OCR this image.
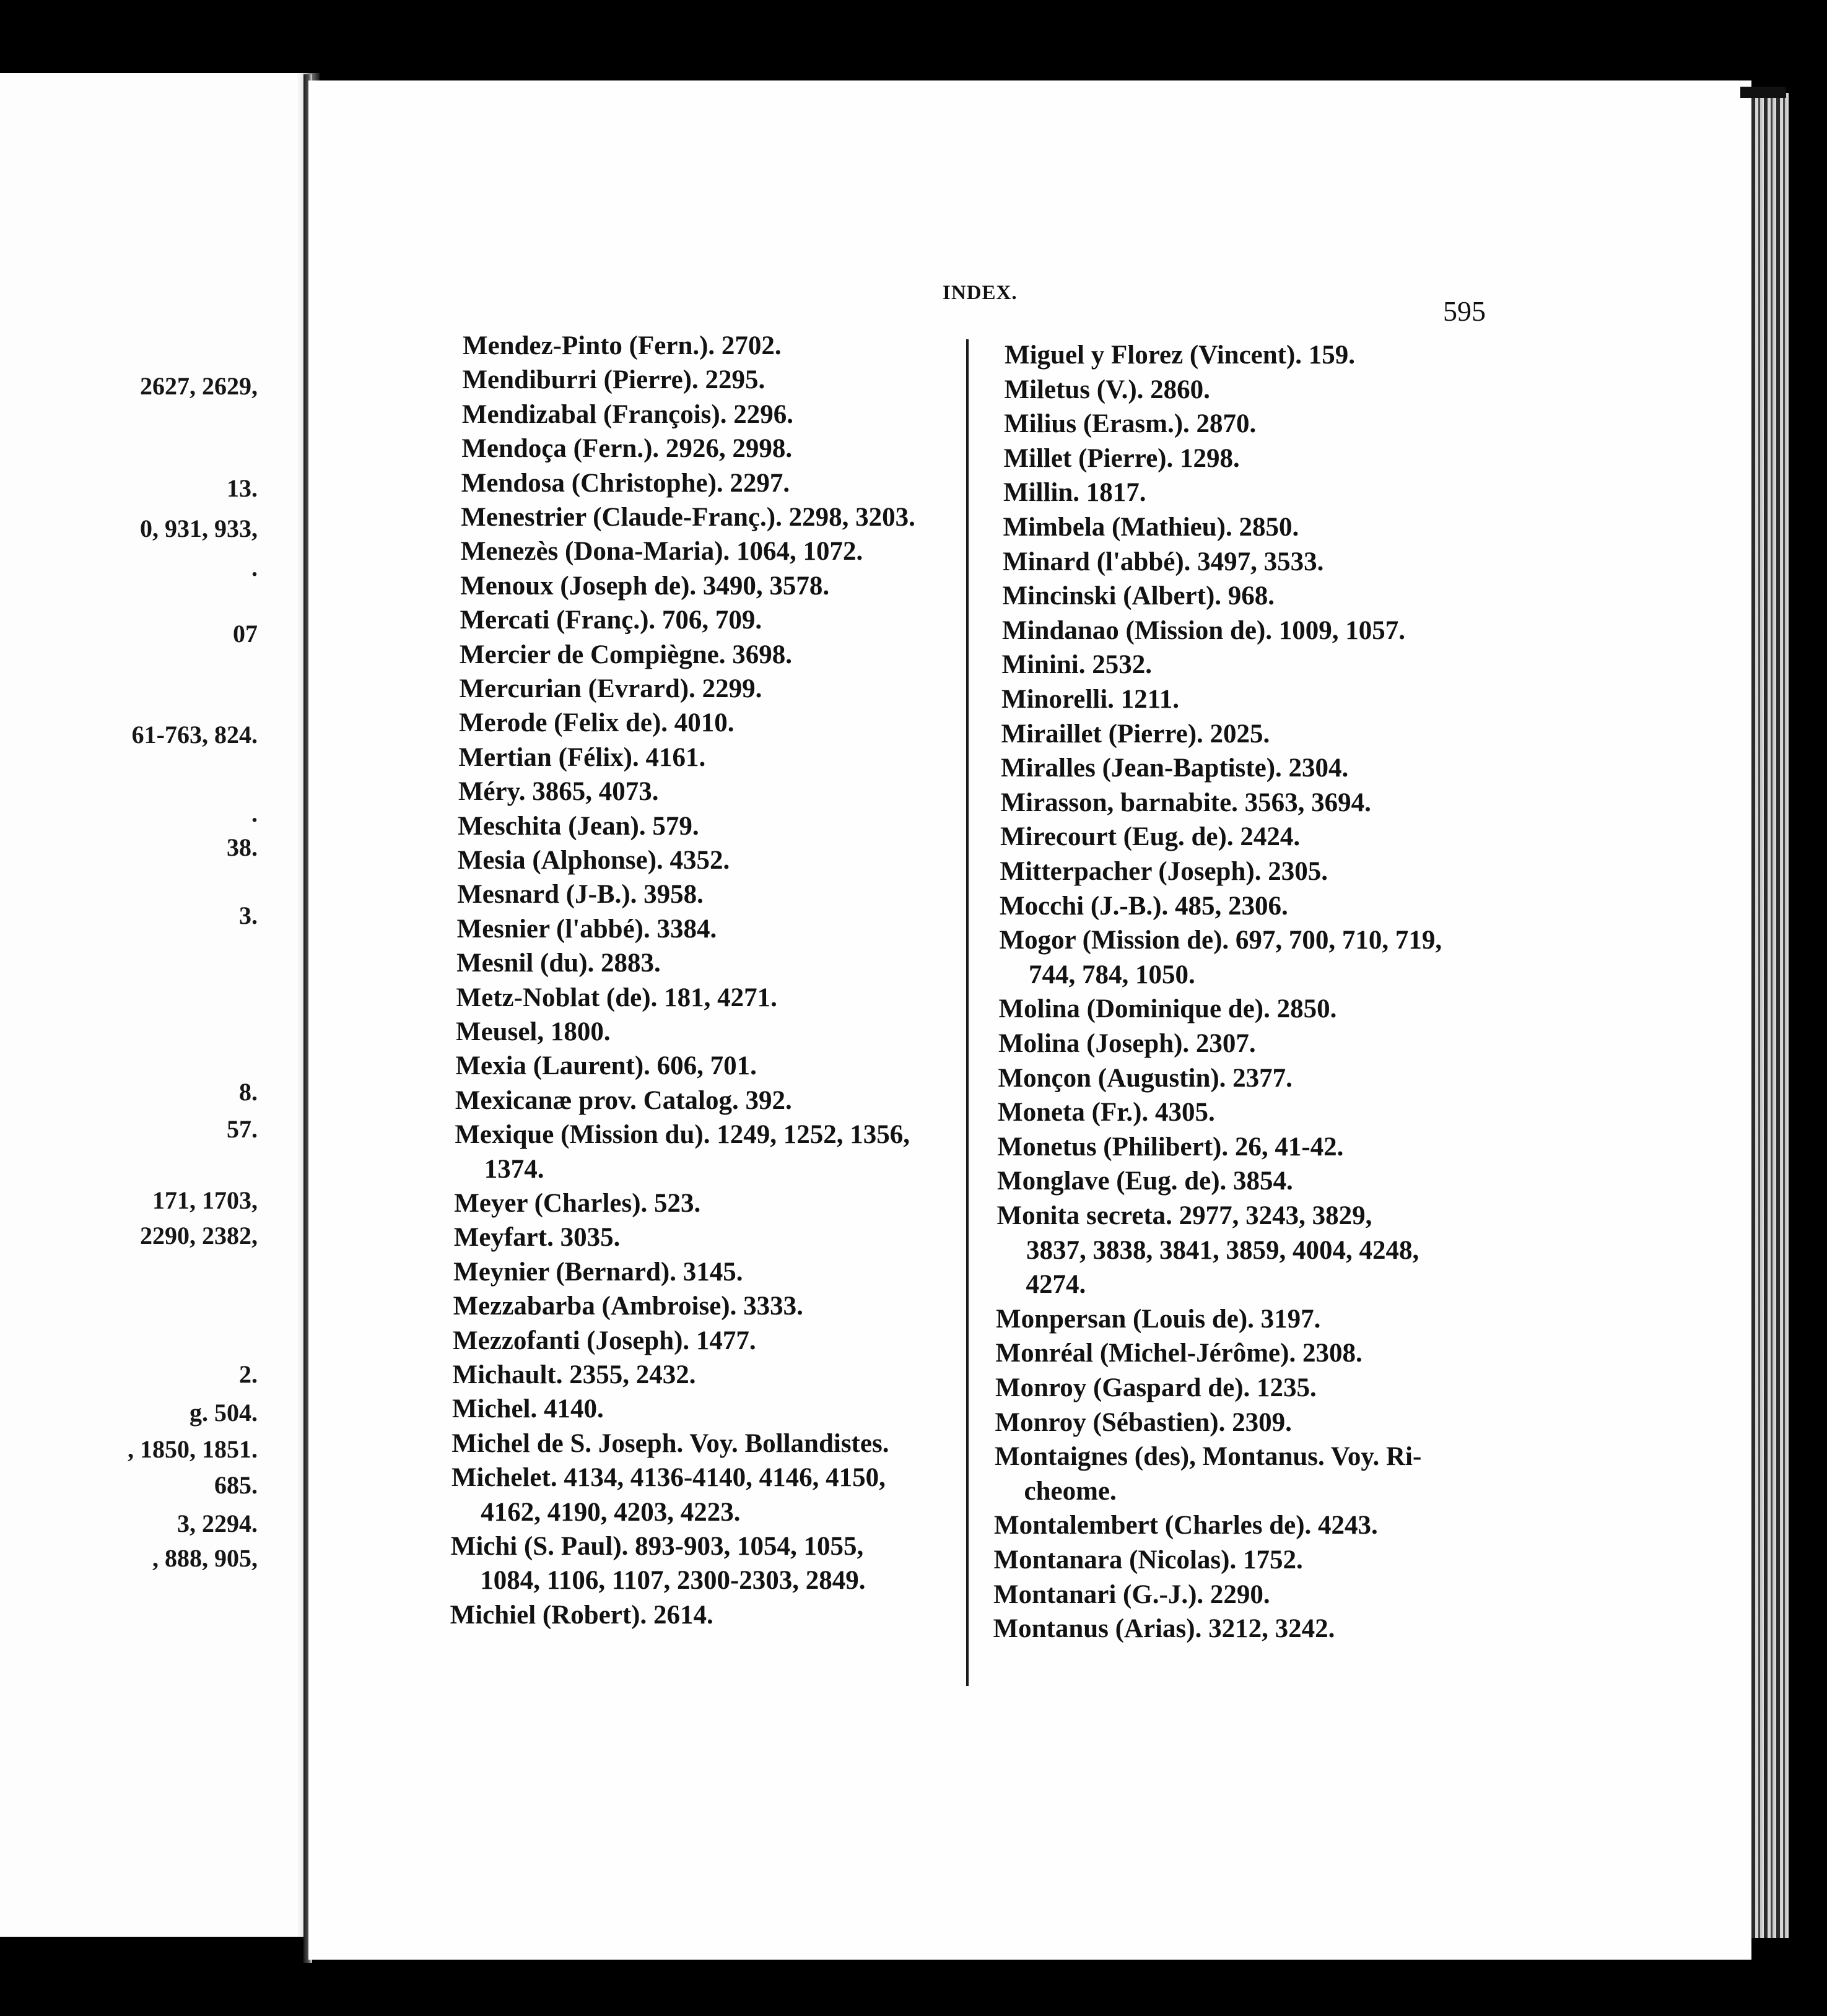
2627, 2629,
13.
0, 931, 933,
.
07
61-763, 824.
.
38.
3.
8.
57.
171, 1703,
2290, 2382,
2.
g. 504.
, 1850, 1851.
685.
3, 2294.
, 888, 905,
INDEX.
595
Mendez-Pinto (Fern.). 2702.
Mendiburri (Pierre). 2295.
Mendizabal (François). 2296.
Mendoça (Fern.). 2926, 2998.
Mendosa (Christophe). 2297.
Menestrier (Claude-Franç.). 2298, 3203.
Menezès (Dona-Maria). 1064, 1072.
Menoux (Joseph de). 3490, 3578.
Mercati (Franç.). 706, 709.
Mercier de Compiègne. 3698.
Mercurian (Evrard). 2299.
Merode (Felix de). 4010.
Mertian (Félix). 4161.
Méry. 3865, 4073.
Meschita (Jean). 579.
Mesia (Alphonse). 4352.
Mesnard (J-B.). 3958.
Mesnier (l'abbé). 3384.
Mesnil (du). 2883.
Metz-Noblat (de). 181, 4271.
Meusel, 1800.
Mexia (Laurent). 606, 701.
Mexicanæ prov. Catalog. 392.
Mexique (Mission du). 1249, 1252, 1356,
1374.
Meyer (Charles). 523.
Meyfart. 3035.
Meynier (Bernard). 3145.
Mezzabarba (Ambroise). 3333.
Mezzofanti (Joseph). 1477.
Michault. 2355, 2432.
Michel. 4140.
Michel de S. Joseph. Voy. Bollandistes.
Michelet. 4134, 4136-4140, 4146, 4150,
4162, 4190, 4203, 4223.
Michi (S. Paul). 893-903, 1054, 1055,
1084, 1106, 1107, 2300-2303, 2849.
Michiel (Robert). 2614.
Miguel y Florez (Vincent). 159.
Miletus (V.). 2860.
Milius (Erasm.). 2870.
Millet (Pierre). 1298.
Millin. 1817.
Mimbela (Mathieu). 2850.
Minard (l'abbé). 3497, 3533.
Mincinski (Albert). 968.
Mindanao (Mission de). 1009, 1057.
Minini. 2532.
Minorelli. 1211.
Miraillet (Pierre). 2025.
Miralles (Jean-Baptiste). 2304.
Mirasson, barnabite. 3563, 3694.
Mirecourt (Eug. de). 2424.
Mitterpacher (Joseph). 2305.
Mocchi (J.-B.). 485, 2306.
Mogor (Mission de). 697, 700, 710, 719,
744, 784, 1050.
Molina (Dominique de). 2850.
Molina (Joseph). 2307.
Monçon (Augustin). 2377.
Moneta (Fr.). 4305.
Monetus (Philibert). 26, 41-42.
Monglave (Eug. de). 3854.
Monita secreta. 2977, 3243, 3829,
3837, 3838, 3841, 3859, 4004, 4248,
4274.
Monpersan (Louis de). 3197.
Monréal (Michel-Jérôme). 2308.
Monroy (Gaspard de). 1235.
Monroy (Sébastien). 2309.
Montaignes (des), Montanus. Voy. Ri-
cheome.
Montalembert (Charles de). 4243.
Montanara (Nicolas). 1752.
Montanari (G.-J.). 2290.
Montanus (Arias). 3212, 3242.
